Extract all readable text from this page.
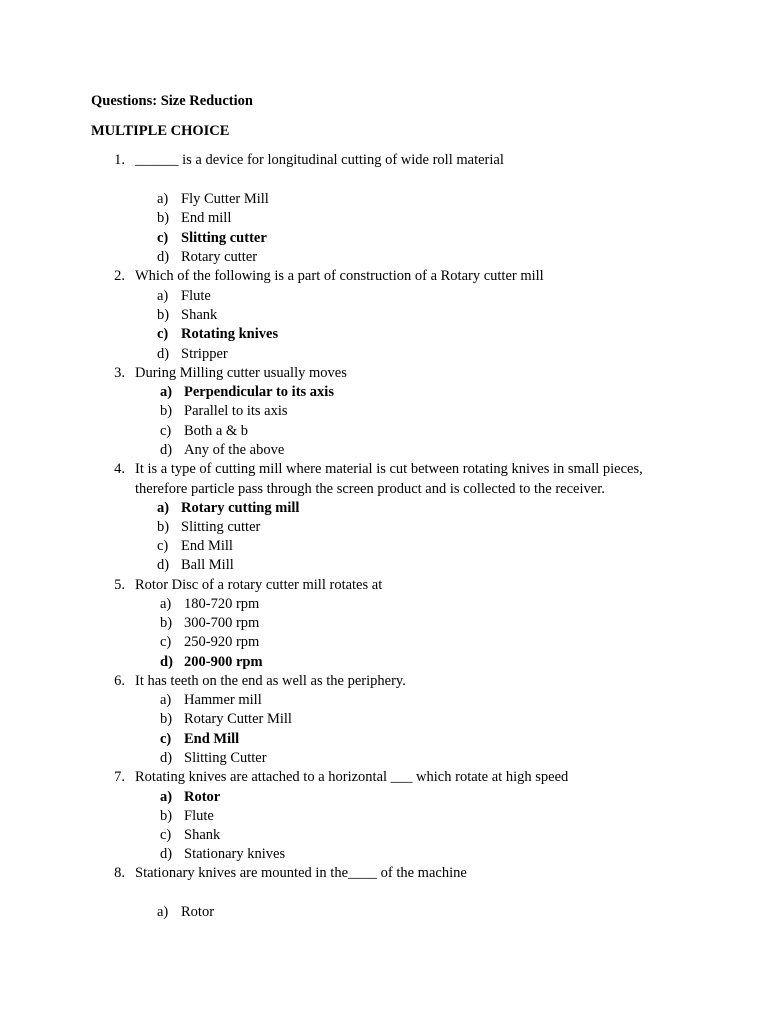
Questions: Size Reduction
MULTIPLE CHOICE
1. ______ is a device for longitudinal cutting of wide roll material
a) Fly Cutter Mill
b) End mill
c) Slitting cutter
d) Rotary cutter
2. Which of the following is a part of construction of a Rotary cutter mill
a) Flute
b) Shank
c) Rotating knives
d) Stripper
3. During Milling cutter usually moves
a) Perpendicular to its axis
b) Parallel to its axis
c) Both a & b
d) Any of the above
4. It is a type of cutting mill where material is cut between rotating knives in small pieces,
therefore particle pass through the screen product and is collected to the receiver.
a) Rotary cutting mill
b) Slitting cutter
c) End Mill
d) Ball Mill
5. Rotor Disc of a rotary cutter mill rotates at
a) 180-720 rpm
b) 300-700 rpm
c) 250-920 rpm
d) 200-900 rpm
6. It has teeth on the end as well as the periphery.
a) Hammer mill
b) Rotary Cutter Mill
c) End Mill
d) Slitting Cutter
7. Rotating knives are attached to a horizontal ___ which rotate at high speed
a) Rotor
b) Flute
c) Shank
d) Stationary knives
8. Stationary knives are mounted in the____ of the machine
a) Rotor
